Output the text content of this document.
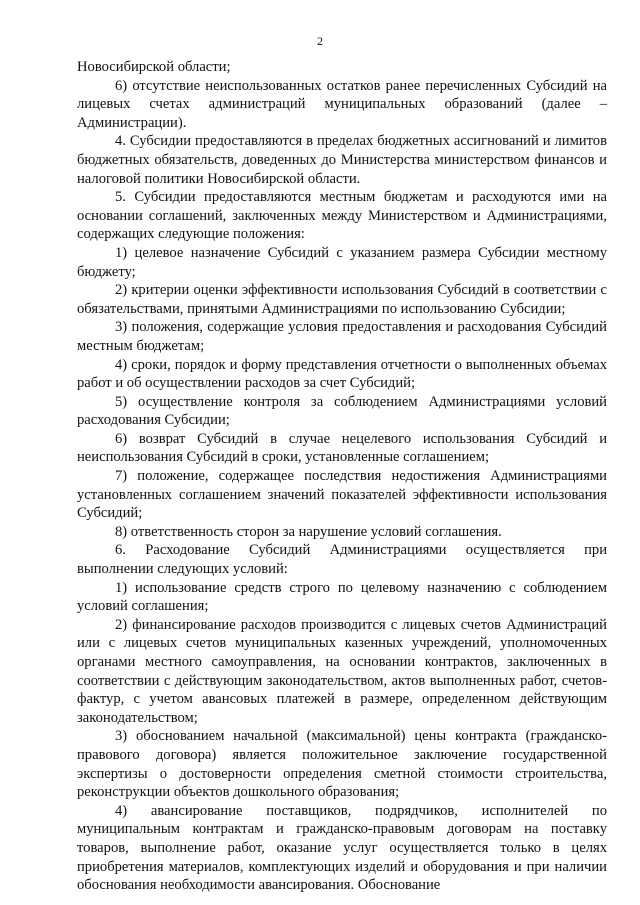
2

Новосибирской области;

6) отсутствие неиспользованных остатков ранее перечисленных Субсидий на лицевых счетах администраций муниципальных образований (далее – Администрации).

4. Субсидии предоставляются в пределах бюджетных ассигнований и лимитов бюджетных обязательств, доведенных до Министерства министерством финансов и налоговой политики Новосибирской области.

5. Субсидии предоставляются местным бюджетам и расходуются ими на основании соглашений, заключенных между Министерством и Администрациями, содержащих следующие положения:

1) целевое назначение Субсидий с указанием размера Субсидии местному бюджету;

2) критерии оценки эффективности использования Субсидий в соответствии с обязательствами, принятыми Администрациями по использованию Субсидии;

3) положения, содержащие условия предоставления и расходования Субсидий местным бюджетам;

4) сроки, порядок и форму представления отчетности о выполненных объемах работ и об осуществлении расходов за счет Субсидий;

5) осуществление контроля за соблюдением Администрациями условий расходования Субсидии;

6) возврат Субсидий в случае нецелевого использования Субсидий и неиспользования Субсидий в сроки, установленные соглашением;

7) положение, содержащее последствия недостижения Администрациями установленных соглашением значений показателей эффективности использования Субсидий;

8) ответственность сторон за нарушение условий соглашения.

6. Расходование Субсидий Администрациями осуществляется при выполнении следующих условий:

1) использование средств строго по целевому назначению с соблюдением условий соглашения;

2) финансирование расходов производится с лицевых счетов Администраций или с лицевых счетов муниципальных казенных учреждений, уполномоченных органами местного самоуправления, на основании контрактов, заключенных в соответствии с действующим законодательством, актов выполненных работ, счетов-фактур, с учетом авансовых платежей в размере, определенном действующим законодательством;

3) обоснованием начальной (максимальной) цены контракта (гражданско-правового договора) является положительное заключение государственной экспертизы о достоверности определения сметной стоимости строительства, реконструкции объектов дошкольного образования;

4) авансирование поставщиков, подрядчиков, исполнителей по муниципальным контрактам и гражданско-правовым договорам на поставку товаров, выполнение работ, оказание услуг осуществляется только в целях приобретения материалов, комплектующих изделий и оборудования и при наличии обоснования необходимости авансирования. Обоснование
